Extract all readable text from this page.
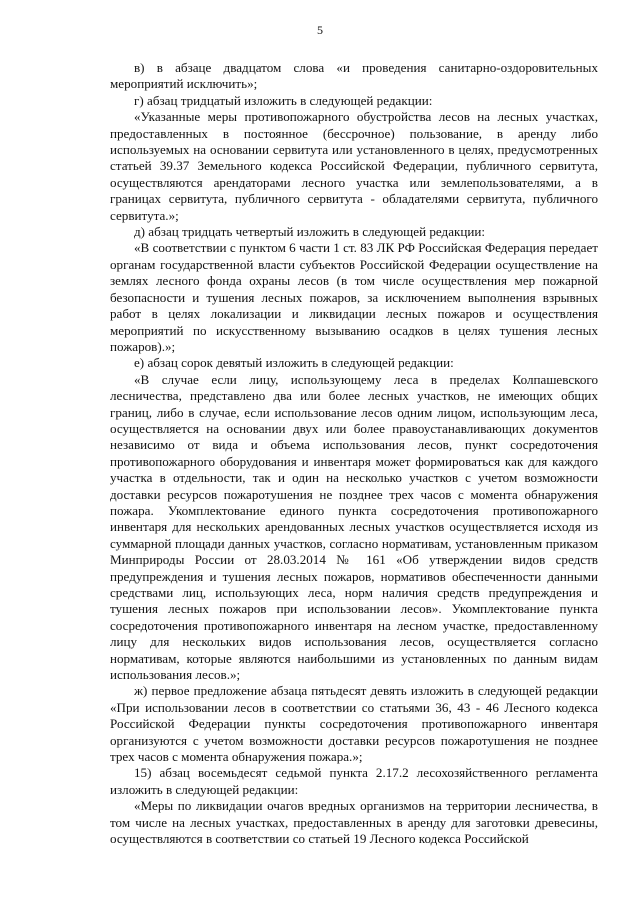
5

в) в абзаце двадцатом слова «и проведения санитарно-оздоровительных мероприятий исключить»;

г) абзац тридцатый изложить в следующей редакции:

«Указанные меры противопожарного обустройства лесов на лесных участках, предоставленных в постоянное (бессрочное) пользование, в аренду либо используемых на основании сервитута или установленного в целях, предусмотренных статьей 39.37 Земельного кодекса Российской Федерации, публичного сервитута, осуществляются арендаторами лесного участка или землепользователями, а в границах сервитута, публичного сервитута - обладателями сервитута, публичного сервитута.»;

д) абзац тридцать четвертый изложить в следующей редакции:

«В соответствии с пунктом 6 части 1 ст. 83 ЛК РФ Российская Федерация передает органам государственной власти субъектов Российской Федерации осуществление на землях лесного фонда охраны лесов (в том числе осуществления мер пожарной безопасности и тушения лесных пожаров, за исключением выполнения взрывных работ в целях локализации и ликвидации лесных пожаров и осуществления мероприятий по искусственному вызыванию осадков в целях тушения лесных пожаров).»;

е) абзац сорок девятый изложить в следующей редакции:

«В случае если лицу, использующему леса в пределах Колпашевского лесничества, представлено два или более лесных участков, не имеющих общих границ, либо в случае, если использование лесов одним лицом, использующим леса, осуществляется на основании двух или более правоустанавливающих документов независимо от вида и объема использования лесов, пункт сосредоточения противопожарного оборудования и инвентаря может формироваться как для каждого участка в отдельности, так и один на несколько участков с учетом возможности доставки ресурсов пожаротушения не позднее трех часов с момента обнаружения пожара. Укомплектование единого пункта сосредоточения противопожарного инвентаря для нескольких арендованных лесных участков осуществляется исходя из суммарной площади данных участков, согласно нормативам, установленным приказом Минприроды России от 28.03.2014 № 161 «Об утверждении видов средств предупреждения и тушения лесных пожаров, нормативов обеспеченности данными средствами лиц, использующих леса, норм наличия средств предупреждения и тушения лесных пожаров при использовании лесов». Укомплектование пункта сосредоточения противопожарного инвентаря на лесном участке, предоставленному лицу для нескольких видов использования лесов, осуществляется согласно нормативам, которые являются наибольшими из установленных по данным видам использования лесов.»;

ж) первое предложение абзаца пятьдесят девять изложить в следующей редакции «При использовании лесов в соответствии со статьями 36, 43 - 46 Лесного кодекса Российской Федерации пункты сосредоточения противопожарного инвентаря организуются с учетом возможности доставки ресурсов пожаротушения не позднее трех часов с момента обнаружения пожара.»;

15) абзац восемьдесят седьмой пункта 2.17.2 лесохозяйственного регламента изложить в следующей редакции:

«Меры по ликвидации очагов вредных организмов на территории лесничества, в том числе на лесных участках, предоставленных в аренду для заготовки древесины, осуществляются в соответствии со статьей 19 Лесного кодекса Российской
